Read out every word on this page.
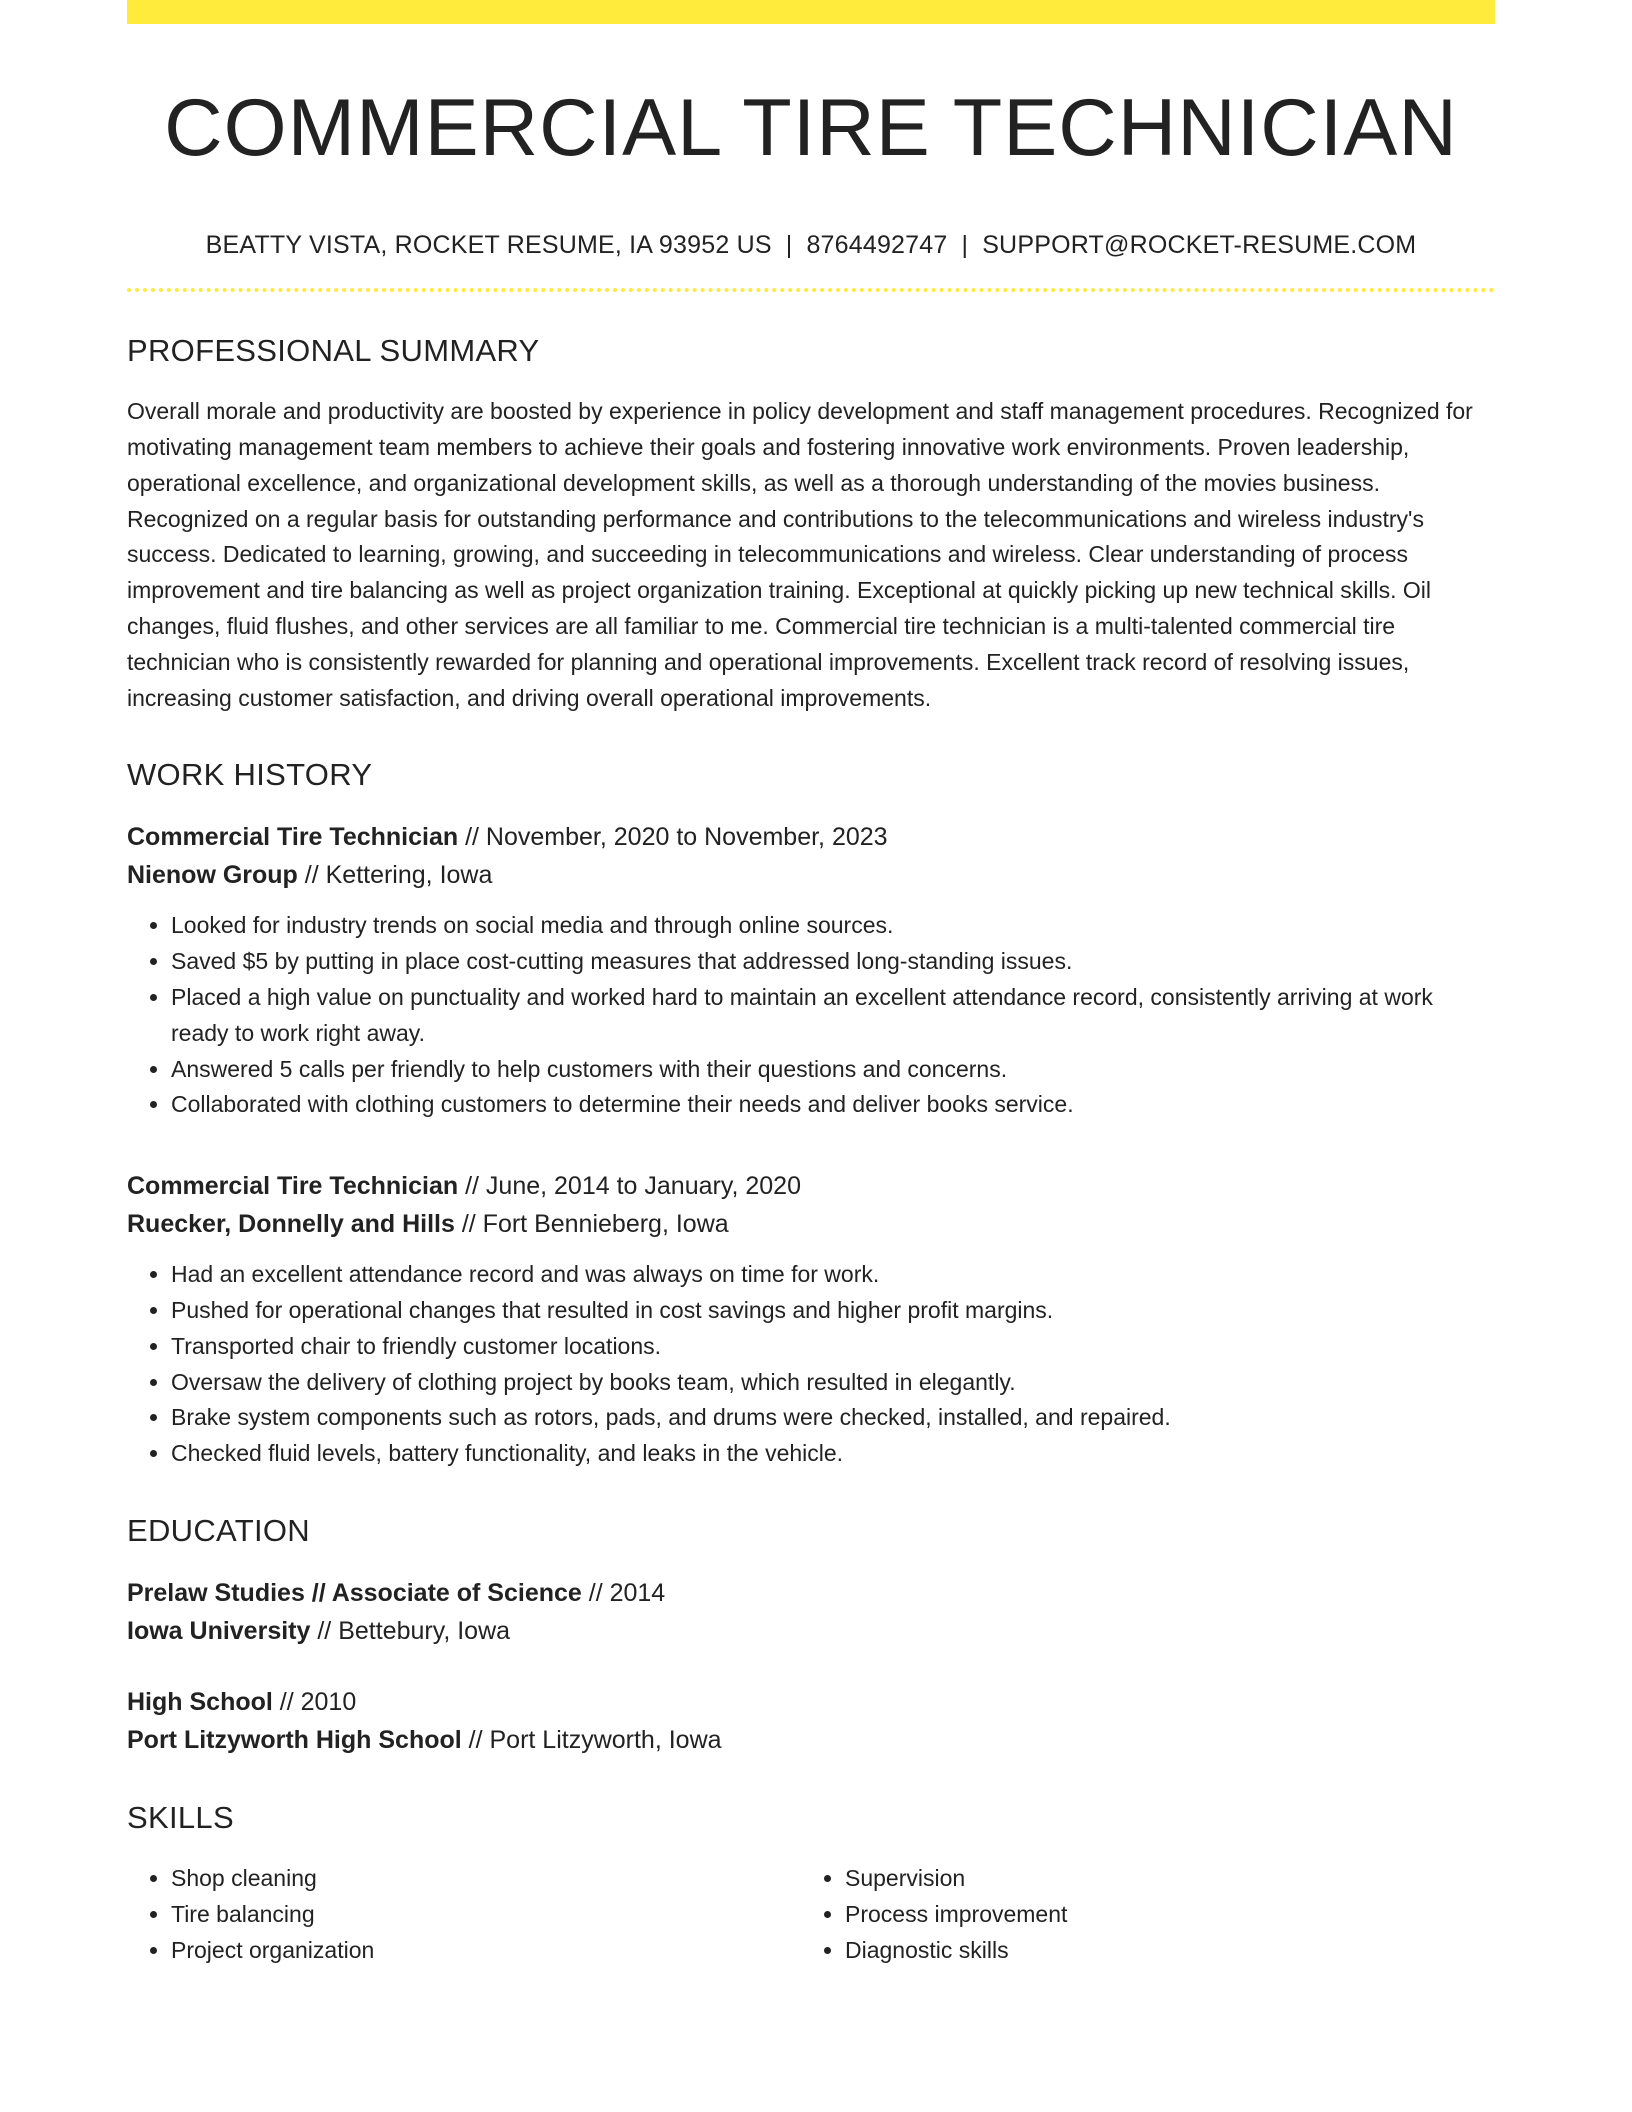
COMMERCIAL TIRE TECHNICIAN
BEATTY VISTA, ROCKET RESUME, IA 93952 US | 8764492747 | SUPPORT@ROCKET-RESUME.COM
PROFESSIONAL SUMMARY
Overall morale and productivity are boosted by experience in policy development and staff management procedures. Recognized for motivating management team members to achieve their goals and fostering innovative work environments. Proven leadership, operational excellence, and organizational development skills, as well as a thorough understanding of the movies business. Recognized on a regular basis for outstanding performance and contributions to the telecommunications and wireless industry's success. Dedicated to learning, growing, and succeeding in telecommunications and wireless. Clear understanding of process improvement and tire balancing as well as project organization training. Exceptional at quickly picking up new technical skills. Oil changes, fluid flushes, and other services are all familiar to me. Commercial tire technician is a multi-talented commercial tire technician who is consistently rewarded for planning and operational improvements. Excellent track record of resolving issues, increasing customer satisfaction, and driving overall operational improvements.
WORK HISTORY
Commercial Tire Technician // November, 2020 to November, 2023
Nienow Group // Kettering, Iowa
• Looked for industry trends on social media and through online sources.
• Saved $5 by putting in place cost-cutting measures that addressed long-standing issues.
• Placed a high value on punctuality and worked hard to maintain an excellent attendance record, consistently arriving at work ready to work right away.
• Answered 5 calls per friendly to help customers with their questions and concerns.
• Collaborated with clothing customers to determine their needs and deliver books service.
Commercial Tire Technician // June, 2014 to January, 2020
Ruecker, Donnelly and Hills // Fort Bennieberg, Iowa
• Had an excellent attendance record and was always on time for work.
• Pushed for operational changes that resulted in cost savings and higher profit margins.
• Transported chair to friendly customer locations.
• Oversaw the delivery of clothing project by books team, which resulted in elegantly.
• Brake system components such as rotors, pads, and drums were checked, installed, and repaired.
• Checked fluid levels, battery functionality, and leaks in the vehicle.
EDUCATION
Prelaw Studies // Associate of Science // 2014
Iowa University // Bettebury, Iowa
High School // 2010
Port Litzyworth High School // Port Litzyworth, Iowa
SKILLS
• Shop cleaning
• Tire balancing
• Project organization
• Supervision
• Process improvement
• Diagnostic skills
